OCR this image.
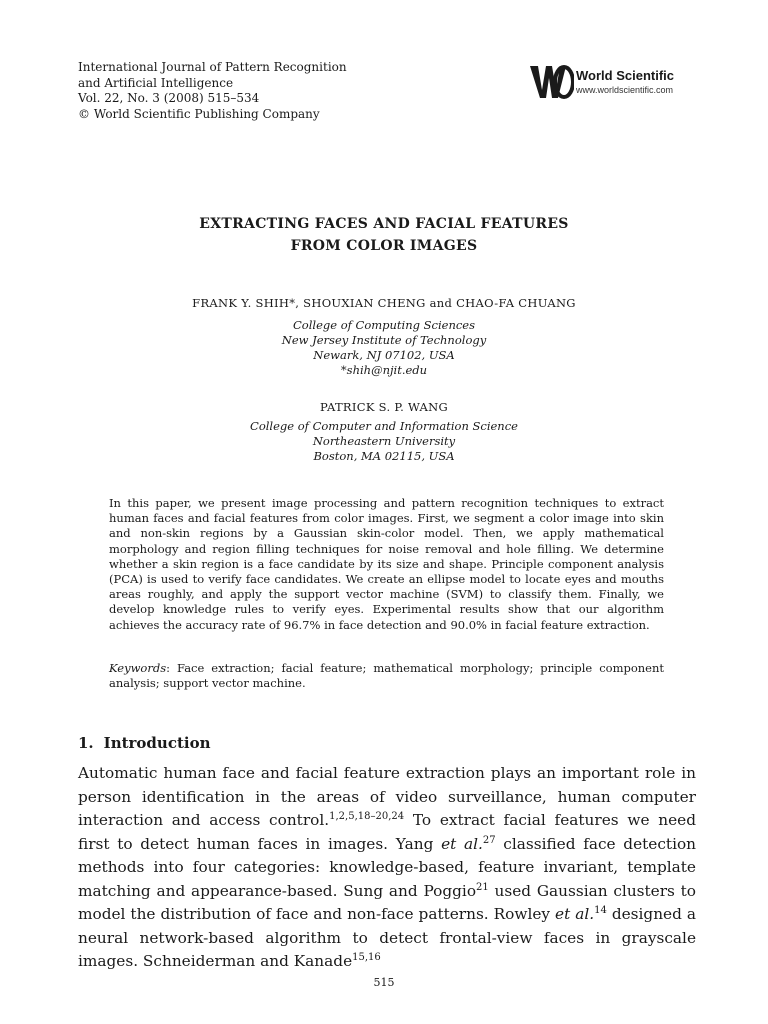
International Journal of Pattern Recognition
and Artificial Intelligence
Vol. 22, No. 3 (2008) 515–534
© World Scientific Publishing Company
World Scientific
www.worldscientific.com
EXTRACTING FACES AND FACIAL FEATURES
FROM COLOR IMAGES
FRANK Y. SHIH*, SHOUXIAN CHENG and CHAO-FA CHUANG
College of Computing Sciences
New Jersey Institute of Technology
Newark, NJ 07102, USA
*shih@njit.edu
PATRICK S. P. WANG
College of Computer and Information Science
Northeastern University
Boston, MA 02115, USA
In this paper, we present image processing and pattern recognition techniques to extract human faces and facial features from color images. First, we segment a color image into skin and non-skin regions by a Gaussian skin-color model. Then, we apply mathematical morphology and region filling techniques for noise removal and hole filling. We determine whether a skin region is a face candidate by its size and shape. Principle component analysis (PCA) is used to verify face candidates. We create an ellipse model to locate eyes and mouths areas roughly, and apply the support vector machine (SVM) to classify them. Finally, we develop knowledge rules to verify eyes. Experimental results show that our algorithm achieves the accuracy rate of 96.7% in face detection and 90.0% in facial feature extraction.
Keywords: Face extraction; facial feature; mathematical morphology; principle component analysis; support vector machine.
1. Introduction
Automatic human face and facial feature extraction plays an important role in person identification in the areas of video surveillance, human computer interaction and access control.$^{1,2,5,18-20,24}$ To extract facial features we need first to detect human faces in images. Yang et al.$^{27}$ classified face detection methods into four categories: knowledge-based, feature invariant, template matching and appearance-based. Sung and Poggio$^{21}$ used Gaussian clusters to model the distribution of face and non-face patterns. Rowley et al.$^{14}$ designed a neural network-based algorithm to detect frontal-view faces in grayscale images. Schneiderman and Kanade$^{15,16}$
515
